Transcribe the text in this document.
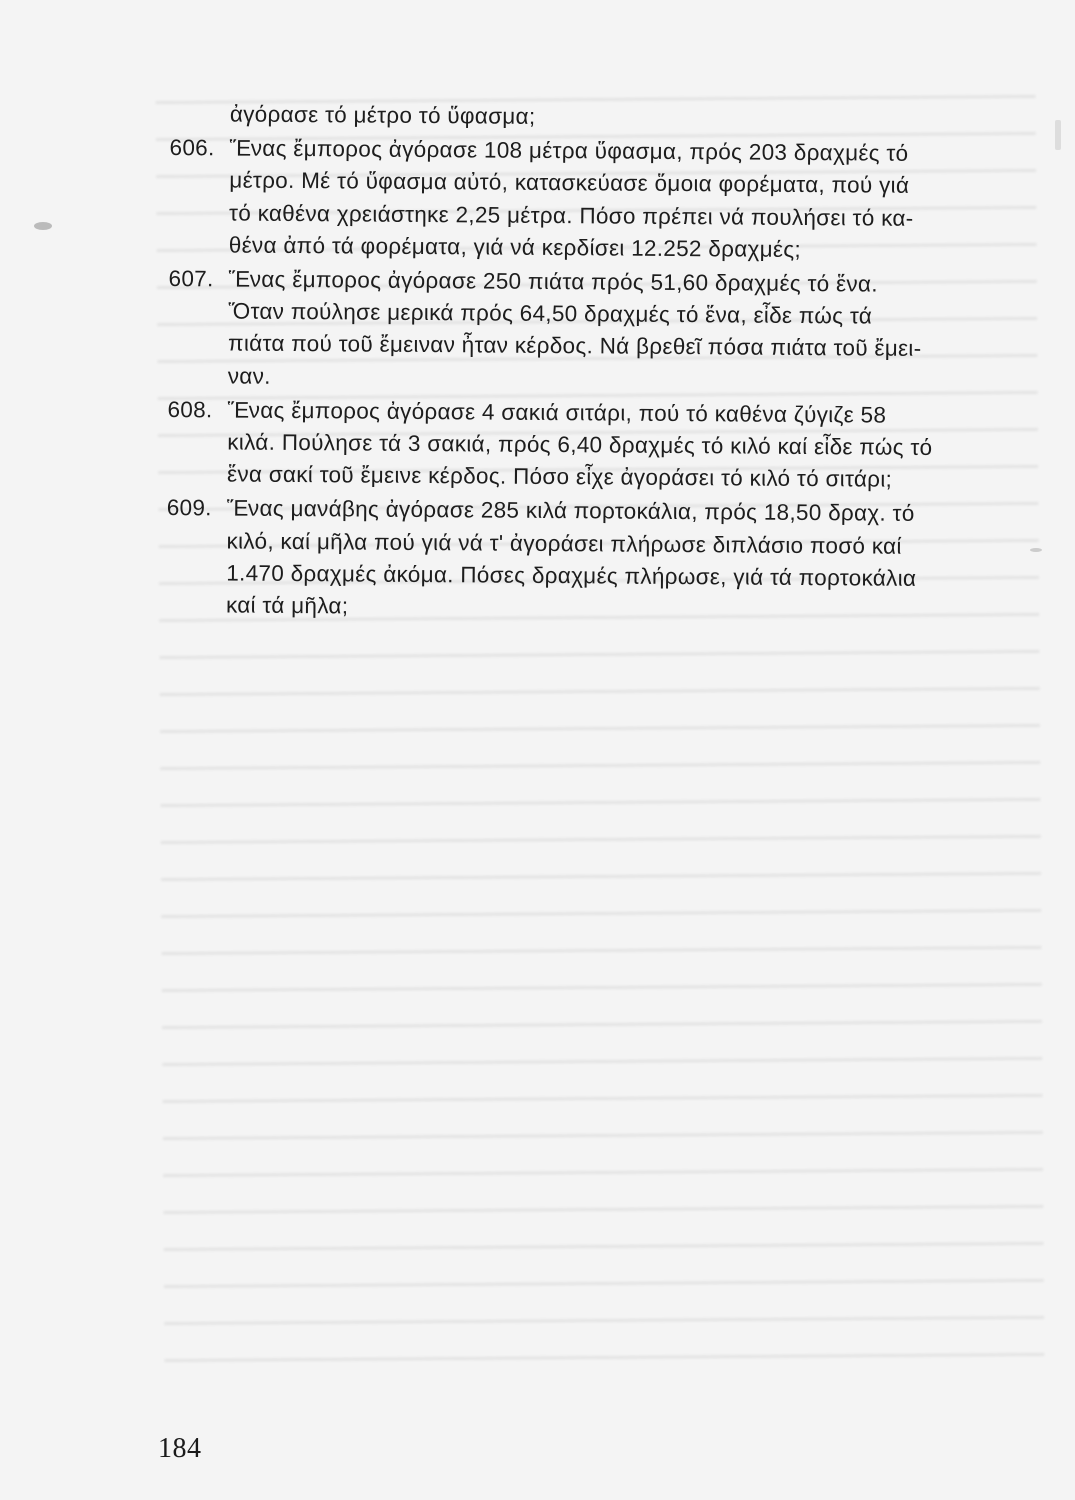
ἀγόρασε τό μέτρο τό ὕφασμα;
606. Ἕνας ἔμπορος ἀγόρασε 108 μέτρα ὕφασμα, πρός 203 δραχμές τό
μέτρο. Μέ τό ὕφασμα αὐτό, κατασκεύασε ὅμοια φορέματα, πού γιά
τό καθένα χρειάστηκε 2,25 μέτρα. Πόσο πρέπει νά πουλήσει τό κα-
θένα ἀπό τά φορέματα, γιά νά κερδίσει 12.252 δραχμές;
607. Ἕνας ἔμπορος ἀγόρασε 250 πιάτα πρός 51,60 δραχμές τό ἕνα.
Ὅταν πούλησε μερικά πρός 64,50 δραχμές τό ἕνα, εἶδε πώς τά
πιάτα πού τοῦ ἔμειναν ἦταν κέρδος. Νά βρεθεῖ πόσα πιάτα τοῦ ἔμει-
ναν.
608. Ἕνας ἔμπορος ἀγόρασε 4 σακιά σιτάρι, πού τό καθένα ζύγιζε 58
κιλά. Πούλησε τά 3 σακιά, πρός 6,40 δραχμές τό κιλό καί εἶδε πώς τό
ἕνα σακί τοῦ ἔμεινε κέρδος. Πόσο εἶχε ἀγοράσει τό κιλό τό σιτάρι;
609. Ἕνας μανάβης ἀγόρασε 285 κιλά πορτοκάλια, πρός 18,50 δραχ. τό
κιλό, καί μῆλα πού γιά νά τ' ἀγοράσει πλήρωσε διπλάσιο ποσό καί
1.470 δραχμές ἀκόμα. Πόσες δραχμές πλήρωσε, γιά τά πορτοκάλια
καί τά μῆλα;
184
